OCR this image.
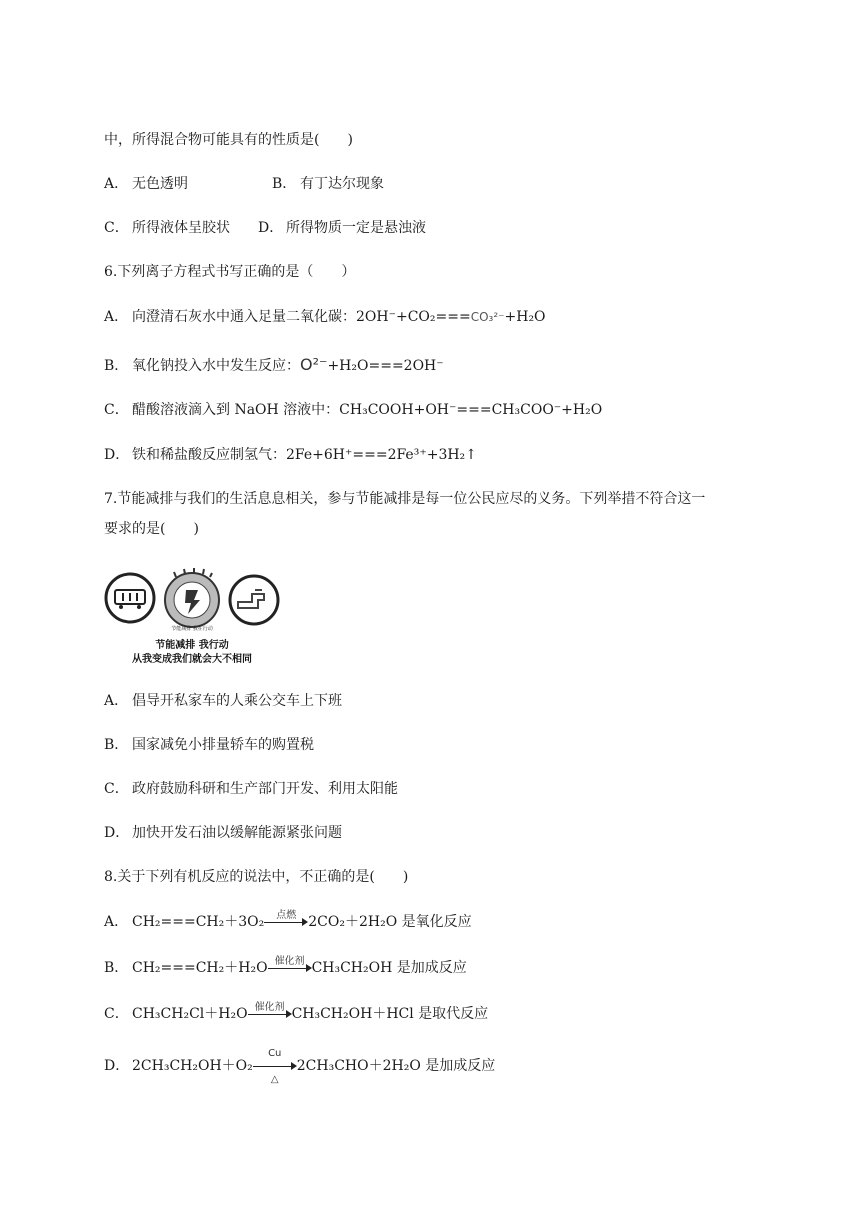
中，所得混合物可能具有的性质是(　　)
A． 无色透明	B． 有丁达尔现象
C． 所得液体呈胶状 D． 所得物质一定是悬浊液
6.下列离子方程式书写正确的是（　　）
A． 向澄清石灰水中通入足量二氧化碳：2OH⁻+CO₂===CO₃²⁻+H₂O
B． 氧化钠投入水中发生反应：O²⁻+H₂O===2OH⁻
C． 醋酸溶液滴入到 NaOH 溶液中：CH₃COOH+OH⁻===CH₃COO⁻+H₂O
D． 铁和稀盐酸反应制氢气：2Fe+6H⁺===2Fe³⁺+3H₂↑
7.节能减排与我们的生活息息相关，参与节能减排是每一位公民应尽的义务。下列举措不符合这一
要求的是(　　)
节能减排 我在行动
节能减排 我行动
从我变成我们就会大不相同
A． 倡导开私家车的人乘公交车上下班
B． 国家减免小排量轿车的购置税
C． 政府鼓励科研和生产部门开发、利用太阳能
D． 加快开发石油以缓解能源紧张问题
8.关于下列有机反应的说法中，不正确的是(　　)
A． CH₂===CH₂＋3O₂	点燃 2CO₂＋2H₂O 是氧化反应
B． CH₂===CH₂＋H₂O 催化剂 CH₃CH₂OH 是加成反应
C． CH₃CH₂Cl＋H₂O 催化剂 CH₃CH₂OH＋HCl 是取代反应
D． 2CH₃CH₂OH＋O₂
Cu
△
2CH₃CHO＋2H₂O 是加成反应
